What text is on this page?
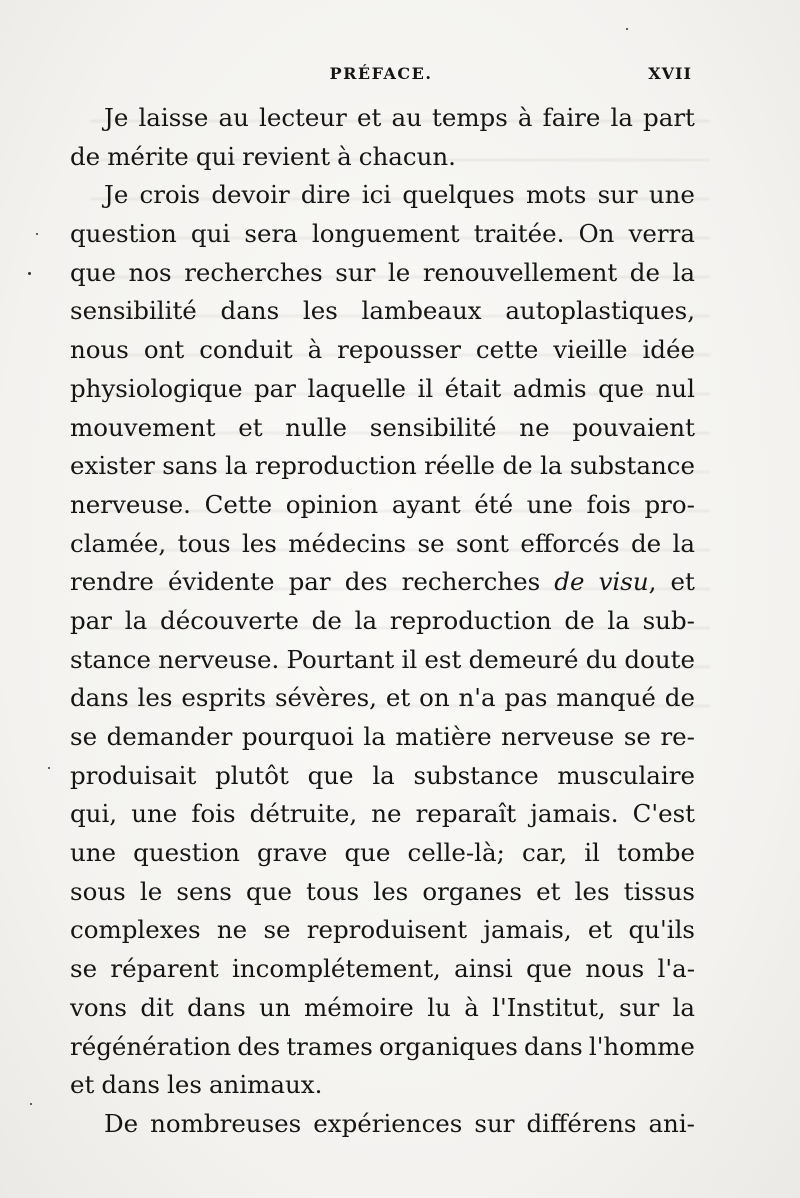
PRÉFACE.	XVII
Je laisse au lecteur et au temps à faire la part
de mérite qui revient à chacun.
Je crois devoir dire ici quelques mots sur une
question qui sera longuement traitée. On verra
que nos recherches sur le renouvellement de la
sensibilité dans les lambeaux autoplastiques,
nous ont conduit à repousser cette vieille idée
physiologique par laquelle il était admis que nul
mouvement et nulle sensibilité ne pouvaient
exister sans la reproduction réelle de la substance
nerveuse. Cette opinion ayant été une fois pro-
clamée, tous les médecins se sont efforcés de la
rendre évidente par des recherches de visu, et
par la découverte de la reproduction de la sub-
stance nerveuse. Pourtant il est demeuré du doute
dans les esprits sévères, et on n'a pas manqué de
se demander pourquoi la matière nerveuse se re-
produisait plutôt que la substance musculaire
qui, une fois détruite, ne reparaît jamais. C'est
une question grave que celle-là; car, il tombe
sous le sens que tous les organes et les tissus
complexes ne se reproduisent jamais, et qu'ils
se réparent incomplétement, ainsi que nous l'a-
vons dit dans un mémoire lu à l'Institut, sur la
régénération des trames organiques dans l'homme
et dans les animaux.
De nombreuses expériences sur différens ani-
